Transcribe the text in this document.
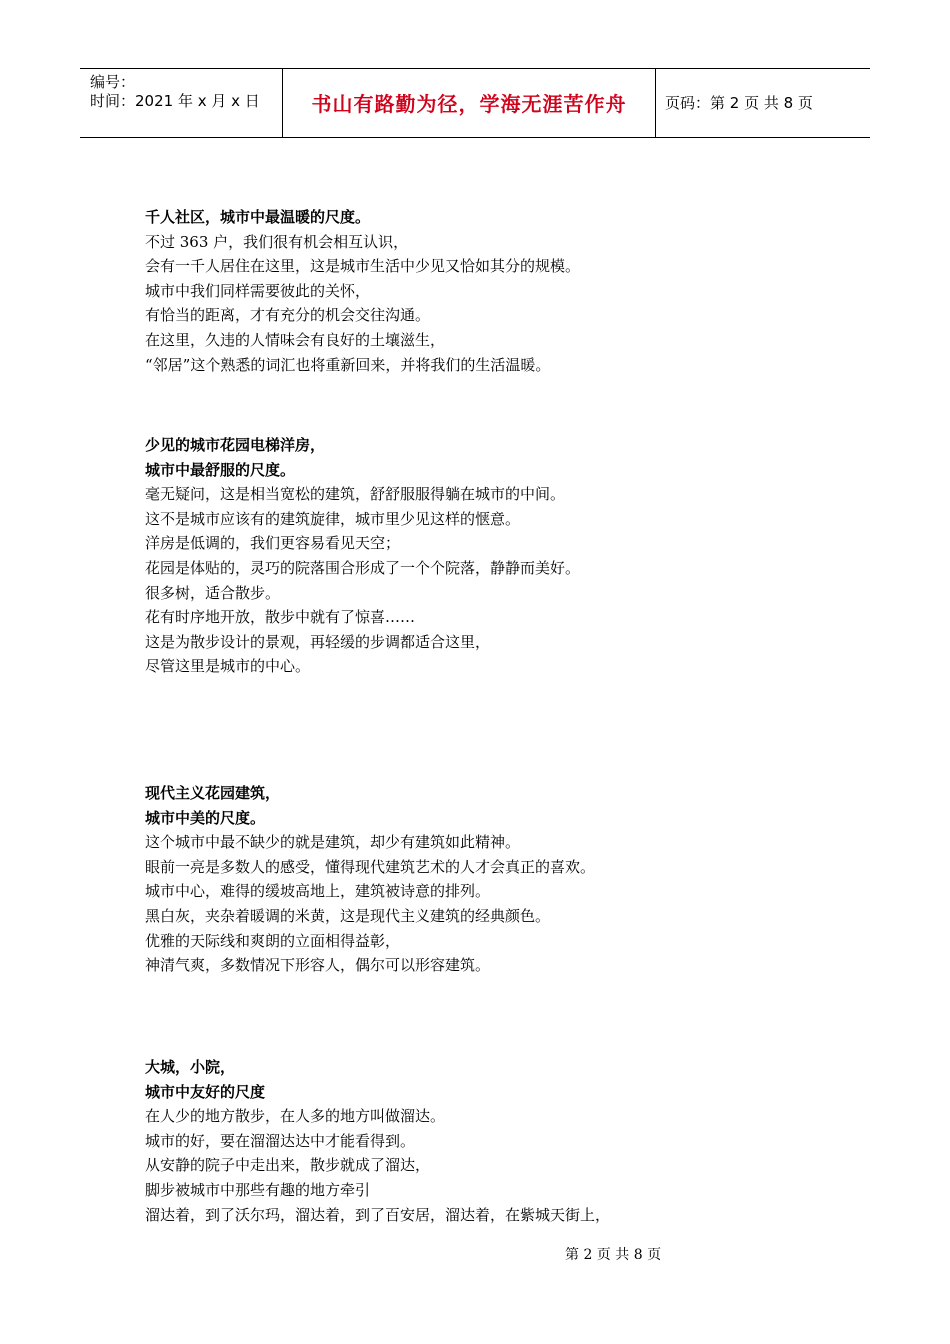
编号：
时间：2021 年 x 月 x 日	书山有路勤为径，学海无涯苦作舟	页码：第 2 页 共 8 页
千人社区，城市中最温暖的尺度。
不过 363 户，我们很有机会相互认识，
会有一千人居住在这里，这是城市生活中少见又恰如其分的规模。
城市中我们同样需要彼此的关怀，
有恰当的距离，才有充分的机会交往沟通。
在这里，久违的人情味会有良好的土壤滋生，
“邻居”这个熟悉的词汇也将重新回来，并将我们的生活温暖。
少见的城市花园电梯洋房，
城市中最舒服的尺度。
毫无疑问，这是相当宽松的建筑，舒舒服服得躺在城市的中间。
这不是城市应该有的建筑旋律，城市里少见这样的惬意。
洋房是低调的，我们更容易看见天空；
花园是体贴的，灵巧的院落围合形成了一个个院落，静静而美好。
很多树，适合散步。
花有时序地开放，散步中就有了惊喜……
这是为散步设计的景观，再轻缓的步调都适合这里，
尽管这里是城市的中心。
现代主义花园建筑，
城市中美的尺度。
这个城市中最不缺少的就是建筑，却少有建筑如此精神。
眼前一亮是多数人的感受，懂得现代建筑艺术的人才会真正的喜欢。
城市中心，难得的缓坡高地上，建筑被诗意的排列。
黑白灰，夹杂着暖调的米黄，这是现代主义建筑的经典颜色。
优雅的天际线和爽朗的立面相得益彰，
神清气爽，多数情况下形容人，偶尔可以形容建筑。
大城，小院，
城市中友好的尺度
在人少的地方散步，在人多的地方叫做溜达。
城市的好，要在溜溜达达中才能看得到。
从安静的院子中走出来，散步就成了溜达，
脚步被城市中那些有趣的地方牵引
溜达着，到了沃尔玛，溜达着，到了百安居，溜达着，在紫城天街上，
第 2 页 共 8 页
